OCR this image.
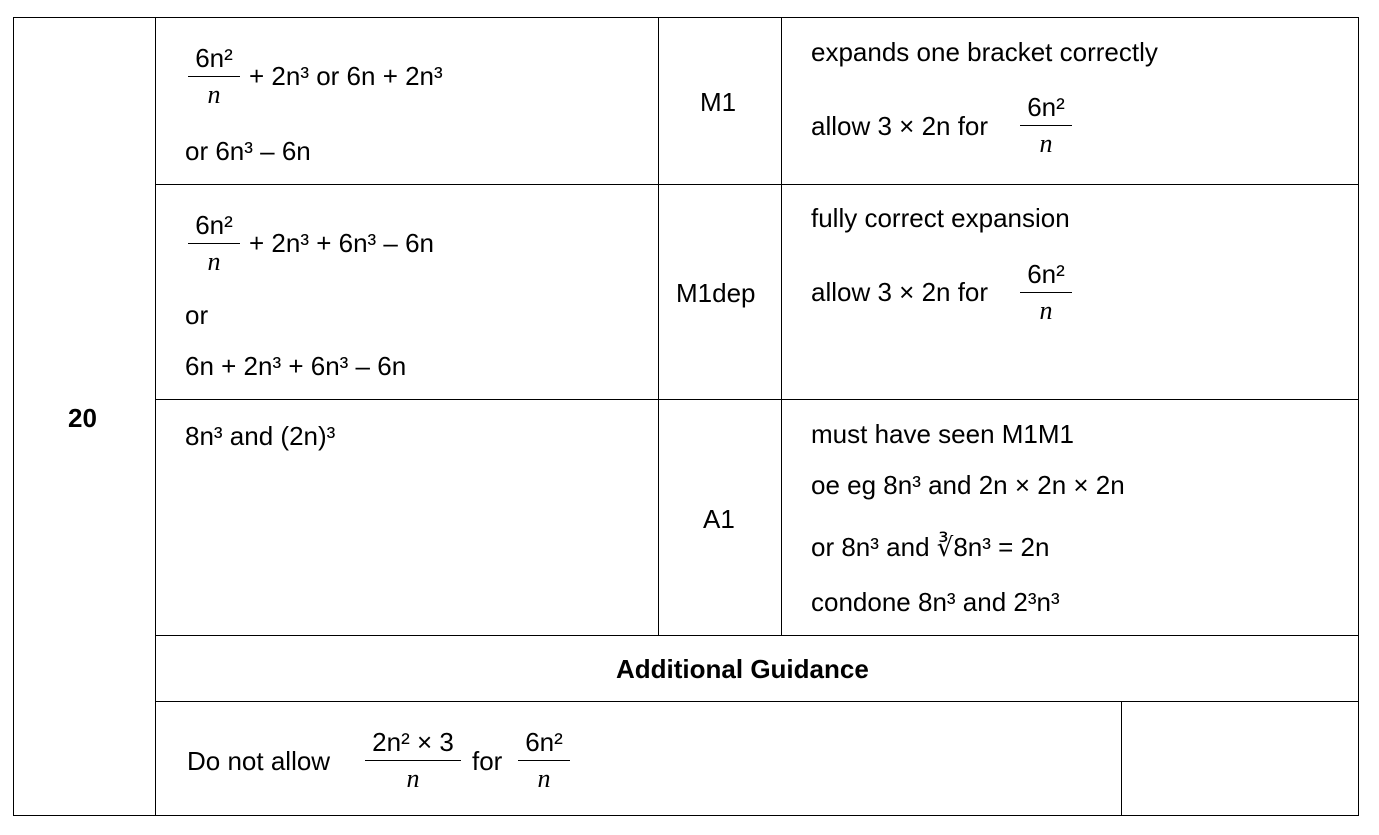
20
6n²
n
+ 2n³ or 6n + 2n³
or 6n³ – 6n
M1
expands one bracket correctly
allow 3 × 2n for
6n²
n
6n²
n
+ 2n³ + 6n³ – 6n
or
6n + 2n³ + 6n³ – 6n
M1dep
fully correct expansion
allow 3 × 2n for
6n²
n
8n³ and (2n)³
A1
must have seen M1M1
oe eg 8n³ and 2n × 2n × 2n
or 8n³ and ∛8n³ = 2n
condone 8n³ and 2³n³
Additional Guidance
Do not allow
2n² × 3
n
for
6n²
n
